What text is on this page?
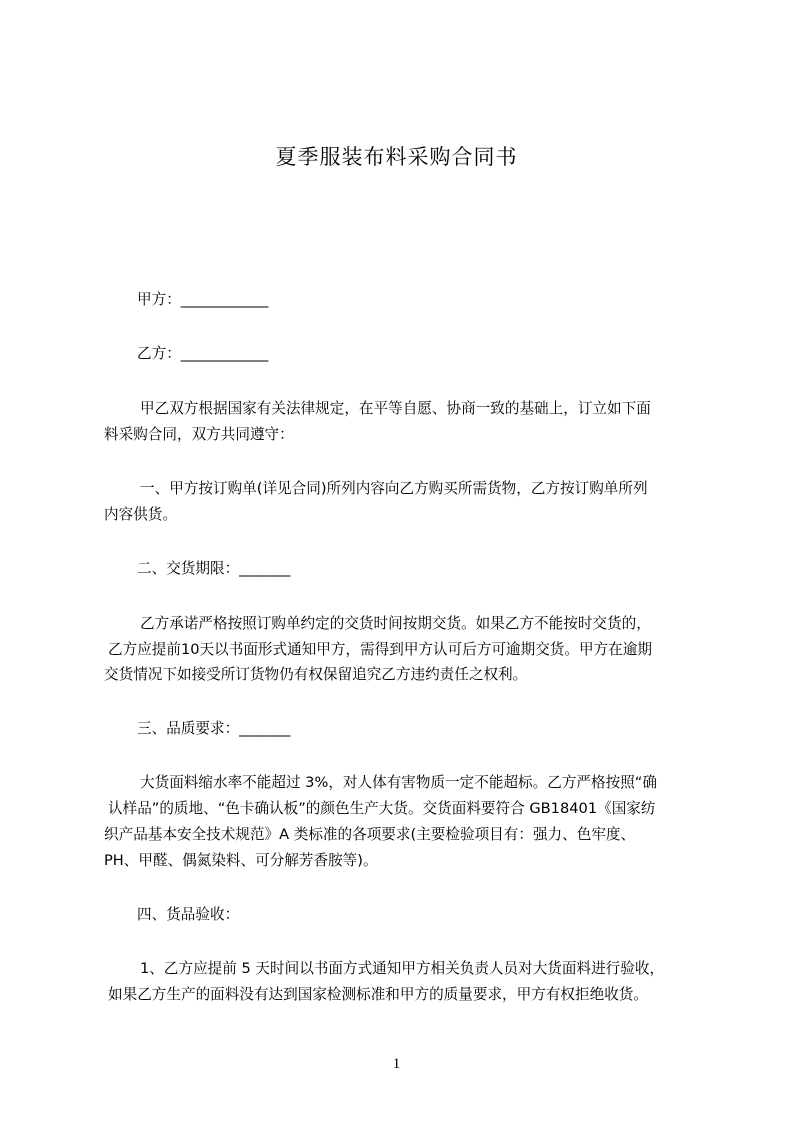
夏季服装布料采购合同书
甲方：____________
乙方：____________
甲乙双方根据国家有关法律规定，在平等自愿、协商一致的基础上，订立如下面
料采购合同，双方共同遵守：
一、甲方按订购单(详见合同)所列内容向乙方购买所需货物，乙方按订购单所列
内容供货。
二、交货期限：_______
乙方承诺严格按照订购单约定的交货时间按期交货。如果乙方不能按时交货的，
乙方应提前10天以书面形式通知甲方，需得到甲方认可后方可逾期交货。甲方在逾期
交货情况下如接受所订货物仍有权保留追究乙方违约责任之权利。
三、品质要求：_______
大货面料缩水率不能超过 3%，对人体有害物质一定不能超标。乙方严格按照“确
认样品”的质地、“色卡确认板”的颜色生产大货。交货面料要符合 GB18401《国家纺
织产品基本安全技术规范》A 类标准的各项要求(主要检验项目有：强力、色牢度、
PH、甲醛、偶氮染料、可分解芳香胺等)。
四、货品验收：
1、乙方应提前 5 天时间以书面方式通知甲方相关负责人员对大货面料进行验收，
如果乙方生产的面料没有达到国家检测标准和甲方的质量要求，甲方有权拒绝收货。
1
